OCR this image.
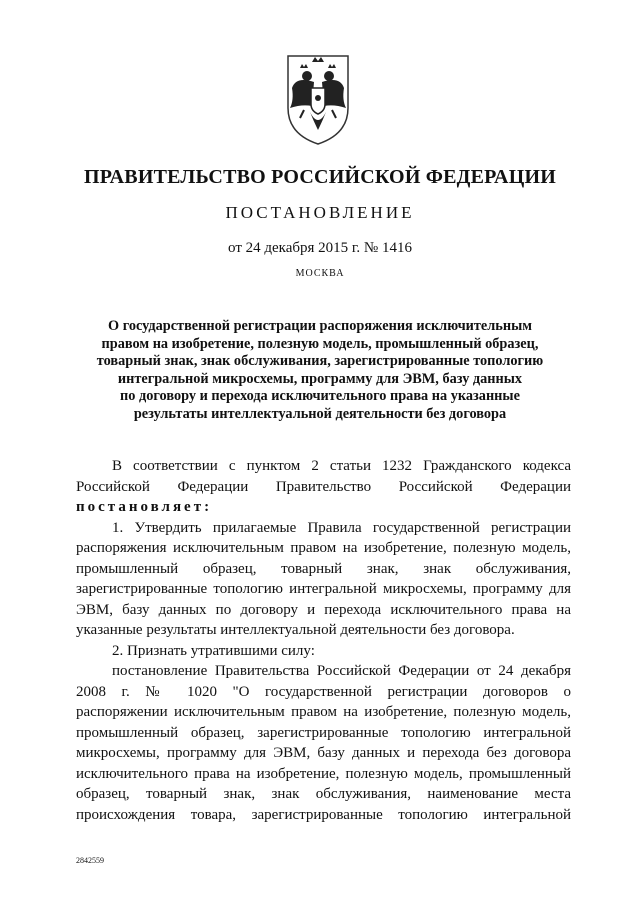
ПРАВИТЕЛЬСТВО РОССИЙСКОЙ ФЕДЕРАЦИИ
ПОСТАНОВЛЕНИЕ
от 24 декабря 2015 г. № 1416
МОСКВА
О государственной регистрации распоряжения исключительным
правом на изобретение, полезную модель, промышленный образец,
товарный знак, знак обслуживания, зарегистрированные топологию
интегральной микросхемы, программу для ЭВМ, базу данных
по договору и перехода исключительного права на указанные
результаты интеллектуальной деятельности без договора

В соответствии с пунктом 2 статьи 1232 Гражданского кодекса

Российской Федерации Правительство Российской Федерации

постановляет:

1. Утвердить прилагаемые Правила государственной регистрации

распоряжения исключительным правом на изобретение, полезную модель,

промышленный образец, товарный знак, знак обслуживания,

зарегистрированные топологию интегральной микросхемы, программу для

ЭВМ, базу данных по договору и перехода исключительного права на

указанные результаты интеллектуальной деятельности без договора.

2. Признать утратившими силу:

постановление Правительства Российской Федерации от 24 декабря

2008 г. № 1020 "О государственной регистрации договоров о

распоряжении исключительным правом на изобретение, полезную модель,

промышленный образец, зарегистрированные топологию интегральной

микросхемы, программу для ЭВМ, базу данных и перехода без договора

исключительного права на изобретение, полезную модель, промышленный

образец, товарный знак, знак обслуживания, наименование места

происхождения товара, зарегистрированные топологию интегральной

2842559
